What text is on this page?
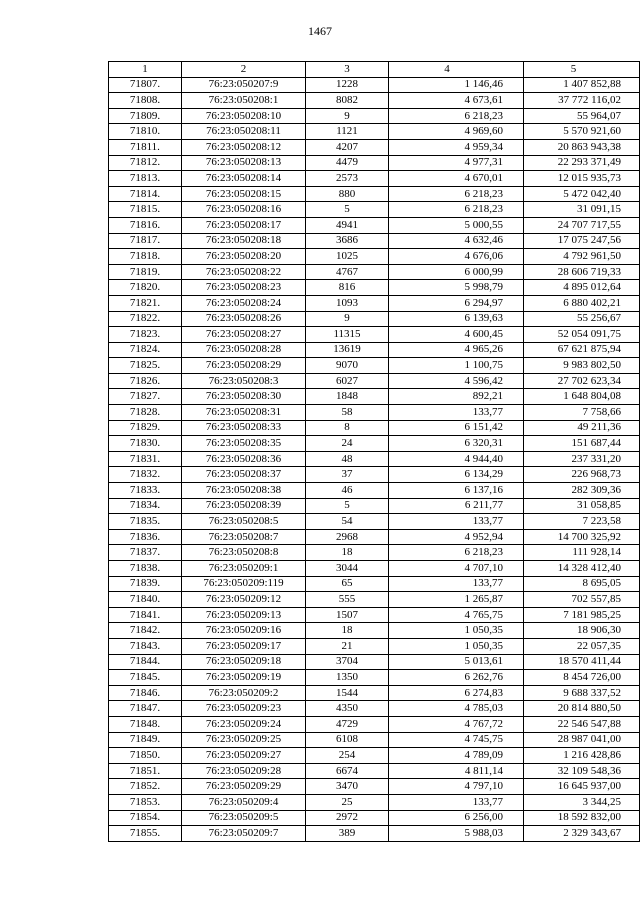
1467
1	2	3	4	5
71807.	76:23:050207:9	1228	1 146,46	1 407 852,88
71808.	76:23:050208:1	8082	4 673,61	37 772 116,02
71809.	76:23:050208:10	9	6 218,23	55 964,07
71810.	76:23:050208:11	1121	4 969,60	5 570 921,60
71811.	76:23:050208:12	4207	4 959,34	20 863 943,38
71812.	76:23:050208:13	4479	4 977,31	22 293 371,49
71813.	76:23:050208:14	2573	4 670,01	12 015 935,73
71814.	76:23:050208:15	880	6 218,23	5 472 042,40
71815.	76:23:050208:16	5	6 218,23	31 091,15
71816.	76:23:050208:17	4941	5 000,55	24 707 717,55
71817.	76:23:050208:18	3686	4 632,46	17 075 247,56
71818.	76:23:050208:20	1025	4 676,06	4 792 961,50
71819.	76:23:050208:22	4767	6 000,99	28 606 719,33
71820.	76:23:050208:23	816	5 998,79	4 895 012,64
71821.	76:23:050208:24	1093	6 294,97	6 880 402,21
71822.	76:23:050208:26	9	6 139,63	55 256,67
71823.	76:23:050208:27	11315	4 600,45	52 054 091,75
71824.	76:23:050208:28	13619	4 965,26	67 621 875,94
71825.	76:23:050208:29	9070	1 100,75	9 983 802,50
71826.	76:23:050208:3	6027	4 596,42	27 702 623,34
71827.	76:23:050208:30	1848	892,21	1 648 804,08
71828.	76:23:050208:31	58	133,77	7 758,66
71829.	76:23:050208:33	8	6 151,42	49 211,36
71830.	76:23:050208:35	24	6 320,31	151 687,44
71831.	76:23:050208:36	48	4 944,40	237 331,20
71832.	76:23:050208:37	37	6 134,29	226 968,73
71833.	76:23:050208:38	46	6 137,16	282 309,36
71834.	76:23:050208:39	5	6 211,77	31 058,85
71835.	76:23:050208:5	54	133,77	7 223,58
71836.	76:23:050208:7	2968	4 952,94	14 700 325,92
71837.	76:23:050208:8	18	6 218,23	111 928,14
71838.	76:23:050209:1	3044	4 707,10	14 328 412,40
71839.	76:23:050209:119	65	133,77	8 695,05
71840.	76:23:050209:12	555	1 265,87	702 557,85
71841.	76:23:050209:13	1507	4 765,75	7 181 985,25
71842.	76:23:050209:16	18	1 050,35	18 906,30
71843.	76:23:050209:17	21	1 050,35	22 057,35
71844.	76:23:050209:18	3704	5 013,61	18 570 411,44
71845.	76:23:050209:19	1350	6 262,76	8 454 726,00
71846.	76:23:050209:2	1544	6 274,83	9 688 337,52
71847.	76:23:050209:23	4350	4 785,03	20 814 880,50
71848.	76:23:050209:24	4729	4 767,72	22 546 547,88
71849.	76:23:050209:25	6108	4 745,75	28 987 041,00
71850.	76:23:050209:27	254	4 789,09	1 216 428,86
71851.	76:23:050209:28	6674	4 811,14	32 109 548,36
71852.	76:23:050209:29	3470	4 797,10	16 645 937,00
71853.	76:23:050209:4	25	133,77	3 344,25
71854.	76:23:050209:5	2972	6 256,00	18 592 832,00
71855.	76:23:050209:7	389	5 988,03	2 329 343,67
